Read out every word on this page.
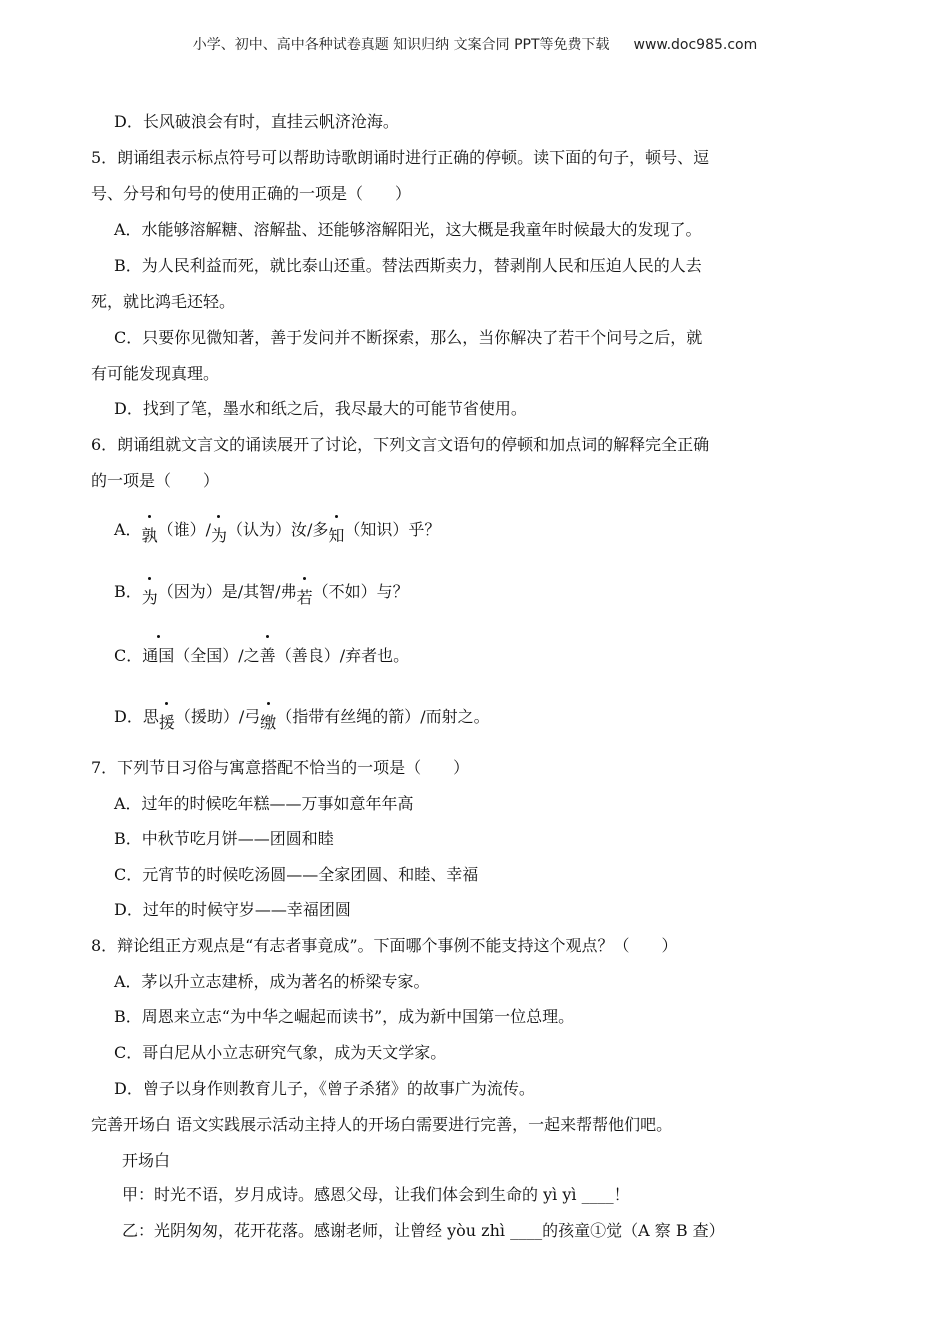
小学、初中、高中各种试卷真题 知识归纳 文案合同 PPT等免费下载 www.doc985.com
D．长风破浪会有时，直挂云帆济沧海。
5．朗诵组表示标点符号可以帮助诗歌朗诵时进行正确的停顿。读下面的句子，顿号、逗
号、分号和句号的使用正确的一项是（　　）
A．水能够溶解糖、溶解盐、还能够溶解阳光，这大概是我童年时候最大的发现了。
B．为人民利益而死，就比泰山还重。替法西斯卖力，替剥削人民和压迫人民的人去
死，就比鸿毛还轻。
C．只要你见微知著，善于发问并不断探索，那么，当你解决了若干个问号之后，就
有可能发现真理。
D．找到了笔，墨水和纸之后，我尽最大的可能节省使用。
6．朗诵组就文言文的诵读展开了讨论，下列文言文语句的停顿和加点词的解释完全正确
的一项是（　　）
A．孰（谁）/为（认为）汝/多知（知识）乎？
B．为（因为）是/其智/弗若（不如）与？
C．通国（全国）/之善（善良）/弃者也。
D．思援（援助）/弓缴（指带有丝绳的箭）/而射之。
7．下列节日习俗与寓意搭配不恰当的一项是（　　）
A．过年的时候吃年糕——万事如意年年高
B．中秋节吃月饼——团圆和睦
C．元宵节的时候吃汤圆——全家团圆、和睦、幸福
D．过年的时候守岁——幸福团圆
8．辩论组正方观点是“有志者事竟成”。下面哪个事例不能支持这个观点？（　　）
A．茅以升立志建桥，成为著名的桥梁专家。
B．周恩来立志“为中华之崛起而读书”，成为新中国第一位总理。
C．哥白尼从小立志研究气象，成为天文学家。
D．曾子以身作则教育儿子，《曾子杀猪》的故事广为流传。
完善开场白 语文实践展示活动主持人的开场白需要进行完善，一起来帮帮他们吧。
开场白
甲：时光不语，岁月成诗。感恩父母，让我们体会到生命的 yì yì ____！
乙：光阴匆匆，花开花落。感谢老师，让曾经 yòu zhì ____的孩童①觉（A 察 B 查）
